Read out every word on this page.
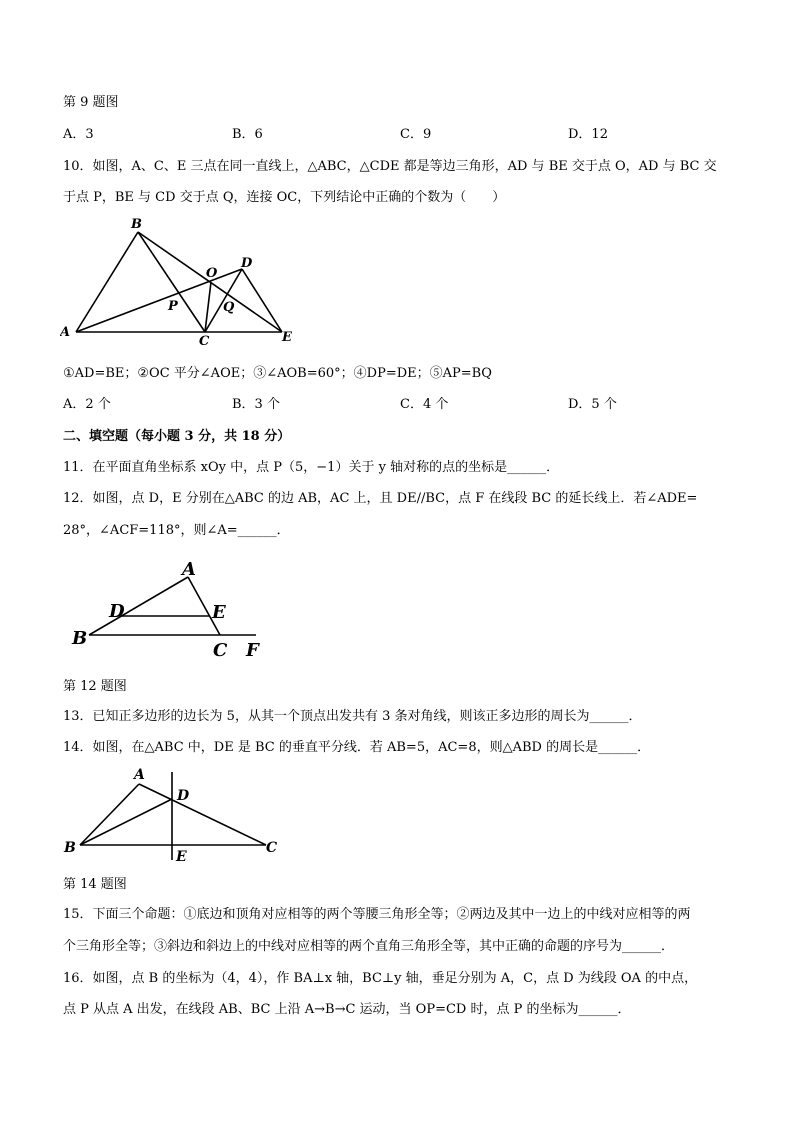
第 9 题图
A．3	B．6	C．9	D．12
10．如图，A、C、E 三点在同一直线上，△ABC，△CDE 都是等边三角形，AD 与 BE 交于点 O，AD 与 BC 交
于点 P，BE 与 CD 交于点 Q，连接 OC，下列结论中正确的个数为（　　）
A
B
C
D
E
O
P	Q
①AD=BE；②OC 平分∠AOE；③∠AOB=60°；④DP=DE；⑤AP=BQ
A．2 个	B．3 个	C．4 个	D．5 个
二、填空题（每小题 3 分，共 18 分）
11．在平面直角坐标系 xOy 中，点 P（5，−1）关于 y 轴对称的点的坐标是______．
12．如图，点 D，E 分别在△ABC 的边 AB，AC 上，且 DE//BC，点 F 在线段 BC 的延长线上．若∠ADE=
28°，∠ACF=118°，则∠A=______．
A
B
C
D	E
F
第 12 题图
13．已知正多边形的边长为 5，从其一个顶点出发共有 3 条对角线，则该正多边形的周长为______．
14．如图，在△ABC 中，DE 是 BC 的垂直平分线．若 AB=5，AC=8，则△ABD 的周长是______．
A
B	C
D
E
第 14 题图
15．下面三个命题：①底边和顶角对应相等的两个等腰三角形全等；②两边及其中一边上的中线对应相等的两
个三角形全等；③斜边和斜边上的中线对应相等的两个直角三角形全等，其中正确的命题的序号为______．
16．如图，点 B 的坐标为（4，4），作 BA⊥x 轴，BC⊥y 轴，垂足分别为 A，C，点 D 为线段 OA 的中点，
点 P 从点 A 出发，在线段 AB、BC 上沿 A→B→C 运动，当 OP=CD 时，点 P 的坐标为______．
